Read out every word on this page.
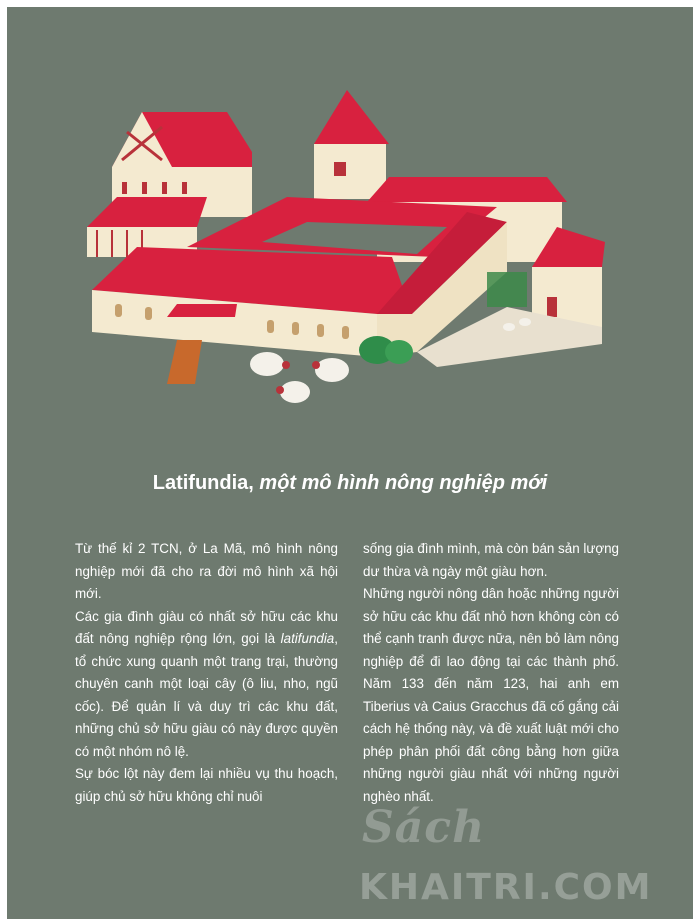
Latifundia, một mô hình nông nghiệp mới

Từ thế kỉ 2 TCN, ở La Mã, mô hình nông nghiệp mới đã cho ra đời mô hình xã hội mới.

Các gia đình giàu có nhất sở hữu các khu đất nông nghiệp rộng lớn, gọi là latifundia, tổ chức xung quanh một trang trại, thường chuyên canh một loại cây (ô liu, nho, ngũ cốc). Để quản lí và duy trì các khu đất, những chủ sở hữu giàu có này được quyền có một nhóm nô lệ.

Sự bóc lột này đem lại nhiều vụ thu hoạch, giúp chủ sở hữu không chỉ nuôi

sống gia đình mình, mà còn bán sản lượng dư thừa và ngày một giàu hơn.

Những người nông dân hoặc những người sở hữu các khu đất nhỏ hơn không còn có thể cạnh tranh được nữa, nên bỏ làm nông nghiệp để đi lao động tại các thành phố. Năm 133 đến năm 123, hai anh em Tiberius và Caius Gracchus đã cố gắng cải cách hệ thống này, và đề xuất luật mới cho phép phân phối đất công bằng hơn giữa những người giàu nhất với những người nghèo nhất.

Sách
KHAITRI.COM
